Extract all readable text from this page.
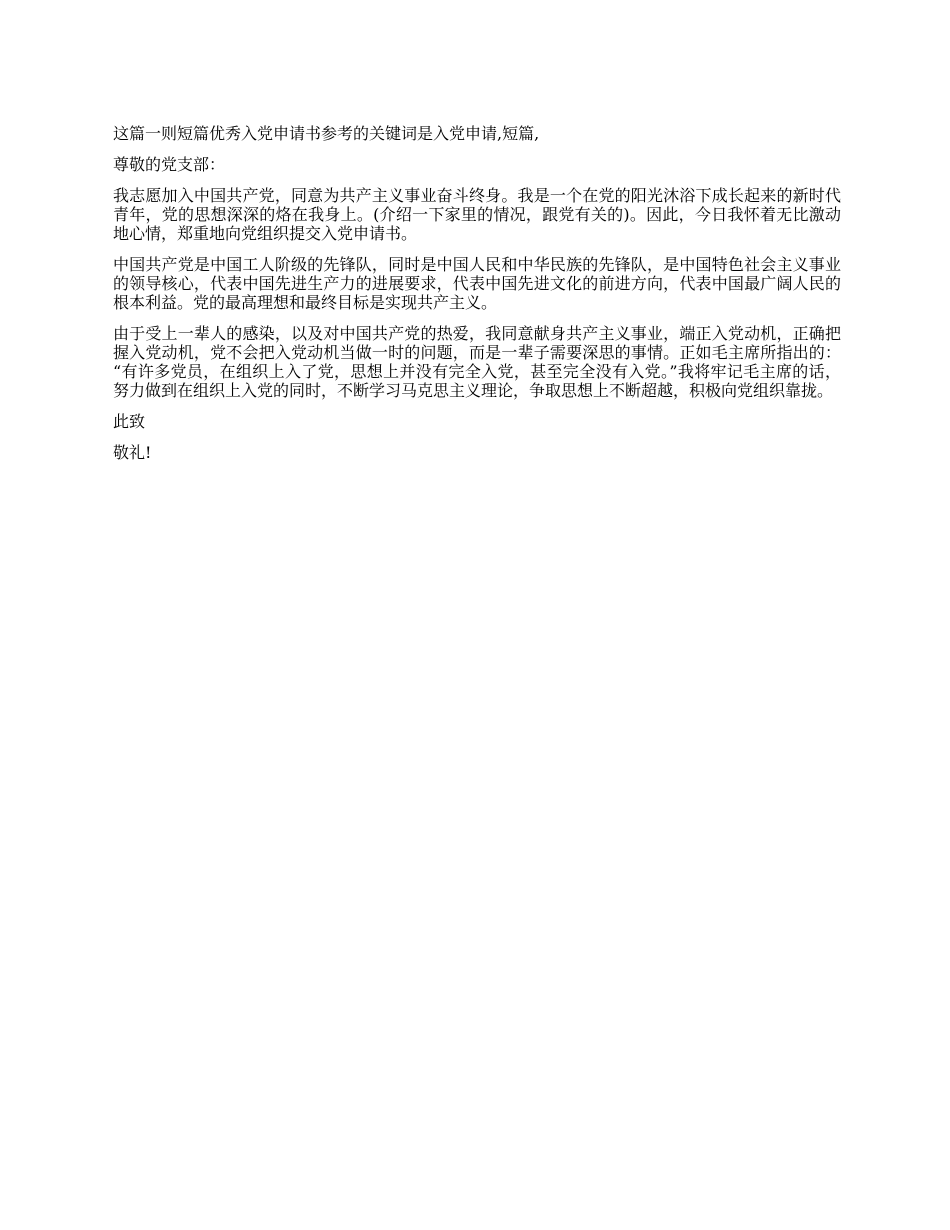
这篇一则短篇优秀入党申请书参考的关键词是入党申请,短篇,

尊敬的党支部：

我志愿加入中国共产党，同意为共产主义事业奋斗终身。我是一个在党的阳光沐浴下成长起来的新时代青年，党的思想深深的烙在我身上。(介绍一下家里的情况，跟党有关的)。因此，今日我怀着无比激动地心情，郑重地向党组织提交入党申请书。

中国共产党是中国工人阶级的先锋队，同时是中国人民和中华民族的先锋队，是中国特色社会主义事业的领导核心，代表中国先进生产力的进展要求，代表中国先进文化的前进方向，代表中国最广阔人民的根本利益。党的最高理想和最终目标是实现共产主义。

由于受上一辈人的感染，以及对中国共产党的热爱，我同意献身共产主义事业，端正入党动机，正确把握入党动机，党不会把入党动机当做一时的问题，而是一辈子需要深思的事情。正如毛主席所指出的：“有许多党员，在组织上入了党，思想上并没有完全入党，甚至完全没有入党。”我将牢记毛主席的话，努力做到在组织上入党的同时，不断学习马克思主义理论，争取思想上不断超越，积极向党组织靠拢。

此致

敬礼!
